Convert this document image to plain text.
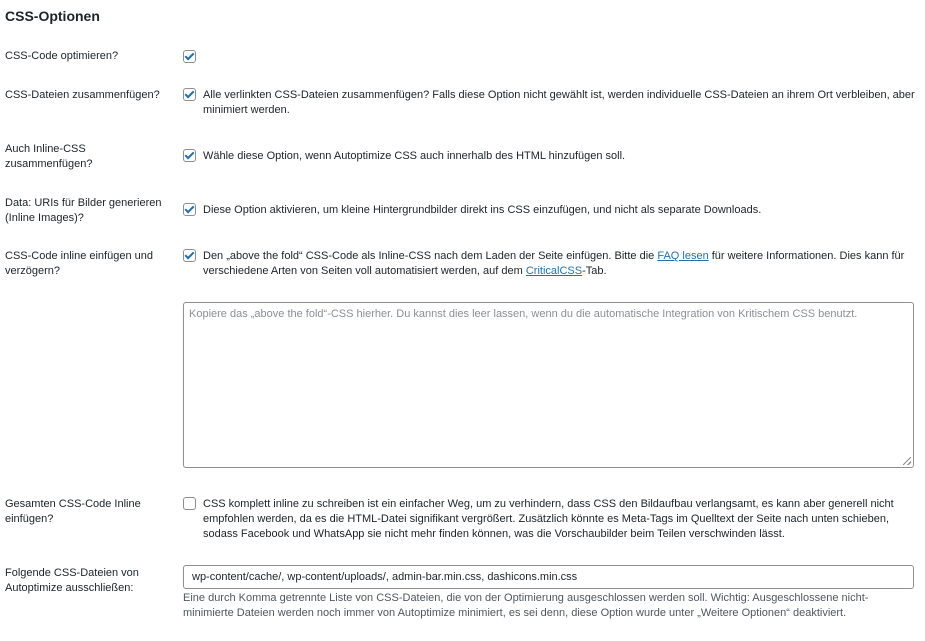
CSS-Optionen
CSS-Code optimieren?
CSS-Dateien zusammenfügen?	Alle verlinkten CSS-Dateien zusammenfügen? Falls diese Option nicht gewählt ist, werden individuelle CSS-Dateien an ihrem Ort verbleiben, aber minimiert werden.
Auch Inline-CSS zusammenfügen?
Wähle diese Option, wenn Autoptimize CSS auch innerhalb des HTML hinzufügen soll.
Data: URIs für Bilder generieren (Inline Images)?
Diese Option aktivieren, um kleine Hintergrundbilder direkt ins CSS einzufügen, und nicht als separate Downloads.
CSS-Code inline einfügen und verzögern?
Den „above the fold“ CSS-Code als Inline-CSS nach dem Laden der Seite einfügen. Bitte die FAQ lesen für weitere Informationen. Dies kann für verschiedene Arten von Seiten voll automatisiert werden, auf dem CriticalCSS-Tab.
Kopiere das „above the fold“-CSS hierher. Du kannst dies leer lassen, wenn du die automatische Integration von Kritischem CSS benutzt.
Gesamten CSS-Code Inline einfügen?
CSS komplett inline zu schreiben ist ein einfacher Weg, um zu verhindern, dass CSS den Bildaufbau verlangsamt, es kann aber generell nicht empfohlen werden, da es die HTML-Datei signifikant vergrößert. Zusätzlich könnte es Meta-Tags im Quelltext der Seite nach unten schieben, sodass Facebook und WhatsApp sie nicht mehr finden können, was die Vorschaubilder beim Teilen verschwinden lässt.
Folgende CSS-Dateien von Autoptimize ausschließen:
wp-content/cache/, wp-content/uploads/, admin-bar.min.css, dashicons.min.css
Eine durch Komma getrennte Liste von CSS-Dateien, die von der Optimierung ausgeschlossen werden soll. Wichtig: Ausgeschlossene nicht-minimierte Dateien werden noch immer von Autoptimize minimiert, es sei denn, diese Option wurde unter „Weitere Optionen“ deaktiviert.
